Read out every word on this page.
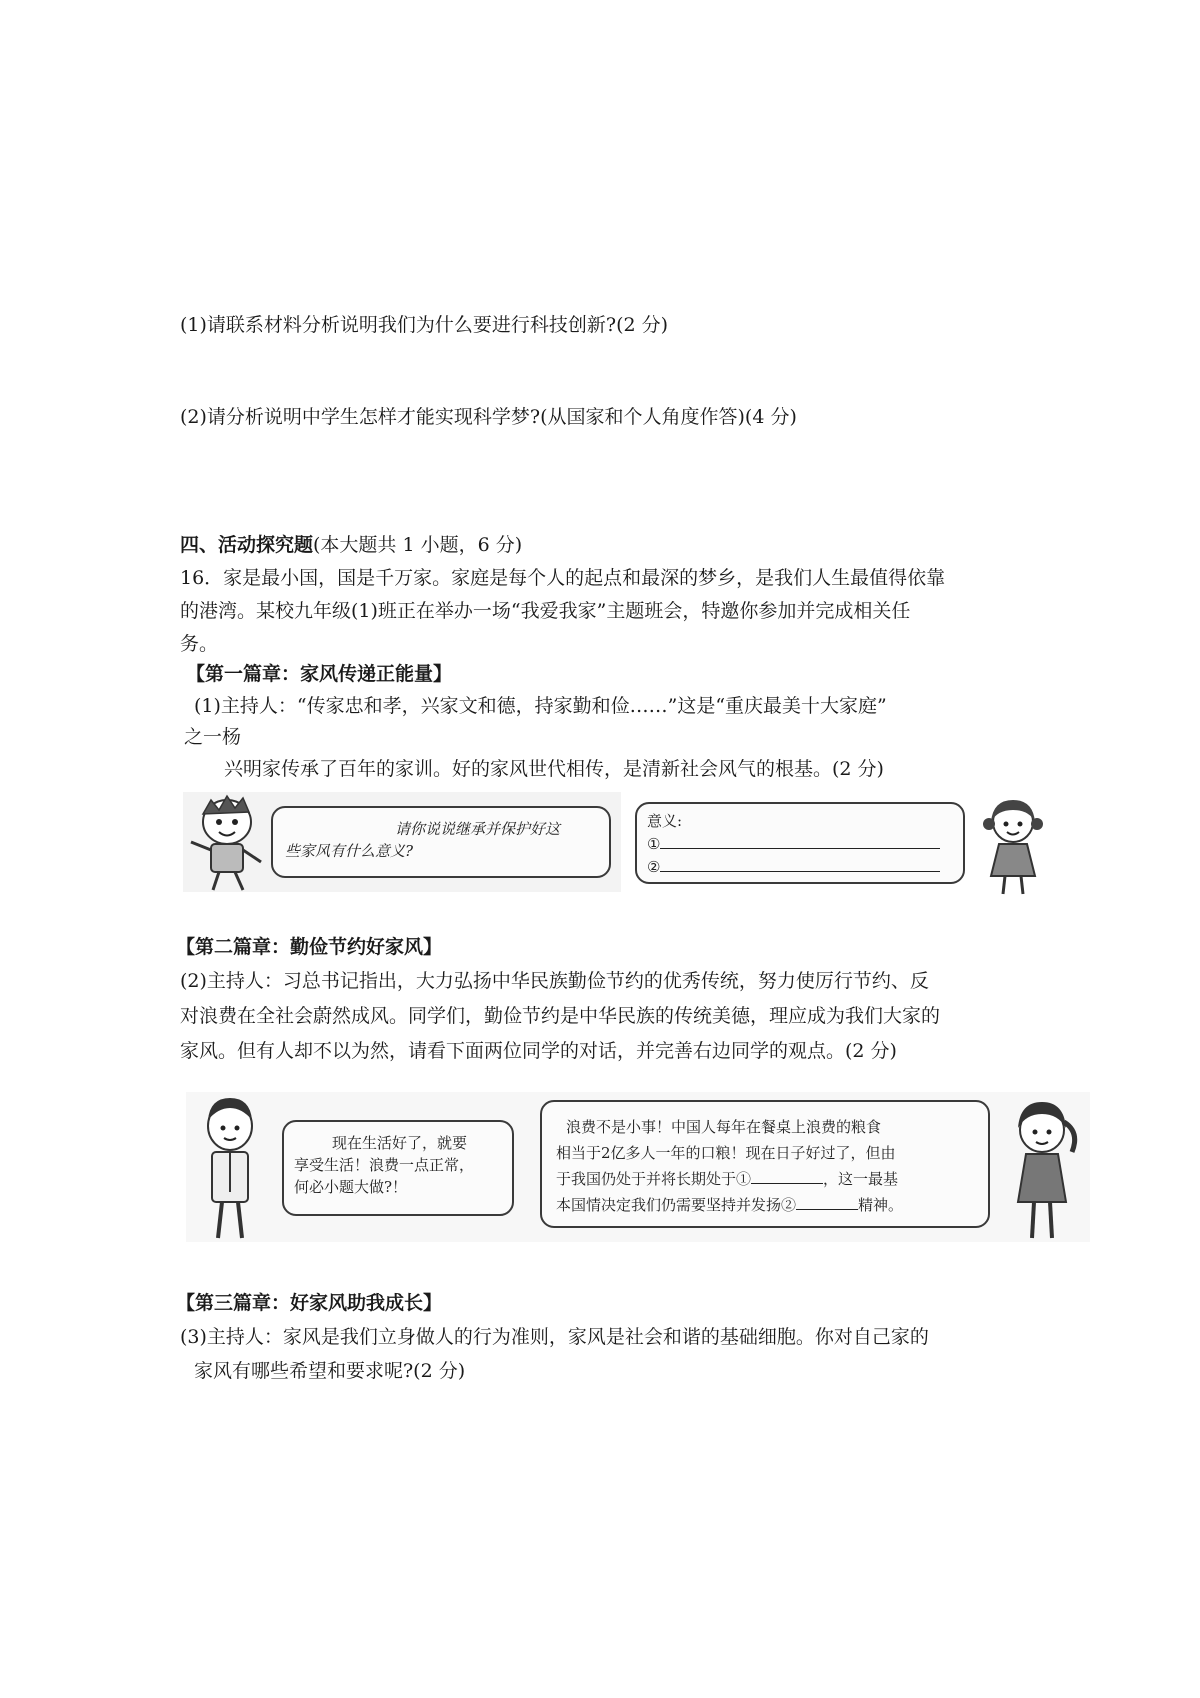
(1)请联系材料分析说明我们为什么要进行科技创新?(2 分)
(2)请分析说明中学生怎样才能实现科学梦?(从国家和个人角度作答)(4 分)
四、活动探究题(本大题共 1 小题，6 分)
16．家是最小国，国是千万家。家庭是每个人的起点和最深的梦乡，是我们人生最值得依靠
的港湾。某校九年级(1)班正在举办一场“我爱我家”主题班会，特邀你参加并完成相关任
务。
【第一篇章：家风传递正能量】
(1)主持人：“传家忠和孝，兴家文和德，持家勤和俭……”这是“重庆最美十大家庭”
之一杨
兴明家传承了百年的家训。好的家风世代相传，是清新社会风气的根基。(2 分)
请你说说继承并保护好这
些家风有什么意义?
意义:
①
②
【第二篇章：勤俭节约好家风】
(2)主持人：习总书记指出，大力弘扬中华民族勤俭节约的优秀传统，努力使厉行节约、反
对浪费在全社会蔚然成风。同学们，勤俭节约是中华民族的传统美德，理应成为我们大家的
家风。但有人却不以为然，请看下面两位同学的对话，并完善右边同学的观点。(2 分)
现在生活好了，就要
享受生活！浪费一点正常，
何必小题大做?！
浪费不是小事！中国人每年在餐桌上浪费的粮食
相当于2亿多人一年的口粮！现在日子好过了，但由
于我国仍处于并将长期处于①	，这一最基
本国情决定我们仍需要坚持并发扬②	精神。
【第三篇章：好家风助我成长】
(3)主持人：家风是我们立身做人的行为准则，家风是社会和谐的基础细胞。你对自己家的
家风有哪些希望和要求呢?(2 分)
